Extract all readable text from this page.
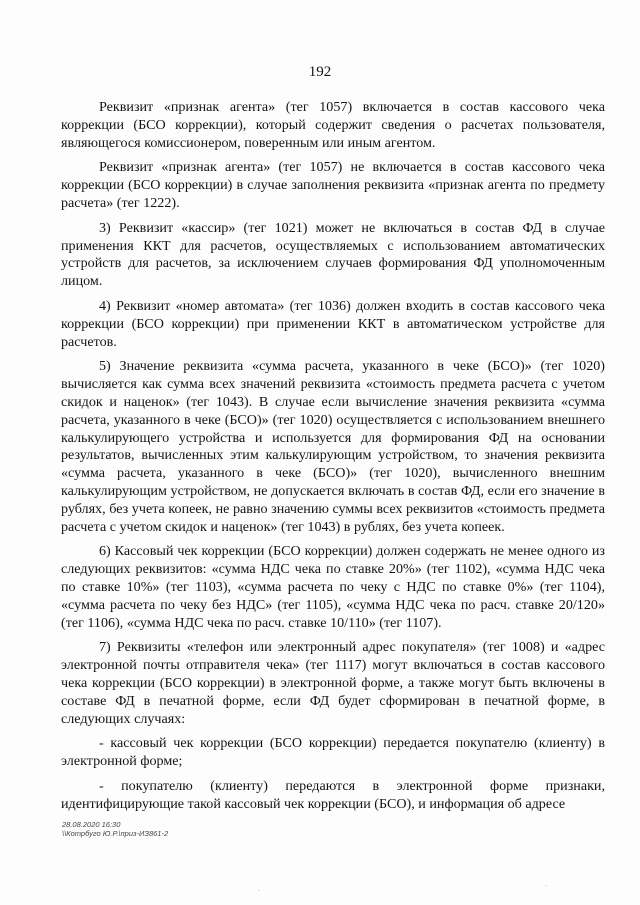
192

Реквизит «признак агента» (тег 1057) включается в состав кассового чека коррекции (БСО коррекции), который содержит сведения о расчетах пользователя, являющегося комиссионером, поверенным или иным агентом.

Реквизит «признак агента» (тег 1057) не включается в состав кассового чека коррекции (БСО коррекции) в случае заполнения реквизита «признак агента по предмету расчета» (тег 1222).

3) Реквизит «кассир» (тег 1021) может не включаться в состав ФД в случае применения ККТ для расчетов, осуществляемых с использованием автоматических устройств для расчетов, за исключением случаев формирования ФД уполномоченным лицом.

4) Реквизит «номер автомата» (тег 1036) должен входить в состав кассового чека коррекции (БСО коррекции) при применении ККТ в автоматическом устройстве для расчетов.

5) Значение реквизита «сумма расчета, указанного в чеке (БСО)» (тег 1020) вычисляется как сумма всех значений реквизита «стоимость предмета расчета с учетом скидок и наценок» (тег 1043). В случае если вычисление значения реквизита «сумма расчета, указанного в чеке (БСО)» (тег 1020) осуществляется с использованием внешнего калькулирующего устройства и используется для формирования ФД на основании результатов, вычисленных этим калькулирующим устройством, то значения реквизита «сумма расчета, указанного в чеке (БСО)» (тег 1020), вычисленного внешним калькулирующим устройством, не допускается включать в состав ФД, если его значение в рублях, без учета копеек, не равно значению суммы всех реквизитов «стоимость предмета расчета с учетом скидок и наценок» (тег 1043) в рублях, без учета копеек.

6) Кассовый чек коррекции (БСО коррекции) должен содержать не менее одного из следующих реквизитов: «сумма НДС чека по ставке 20%» (тег 1102), «сумма НДС чека по ставке 10%» (тег 1103), «сумма расчета по чеку с НДС по ставке 0%» (тег 1104), «сумма расчета по чеку без НДС» (тег 1105), «сумма НДС чека по расч. ставке 20/120» (тег 1106), «сумма НДС чека по расч. ставке 10/110» (тег 1107).

7) Реквизиты «телефон или электронный адрес покупателя» (тег 1008) и «адрес электронной почты отправителя чека» (тег 1117) могут включаться в состав кассового чека коррекции (БСО коррекции) в электронной форме, а также могут быть включены в составе ФД в печатной форме, если ФД будет сформирован в печатной форме, в следующих случаях:

- кассовый чек коррекции (БСО коррекции) передается покупателю (клиенту) в электронной форме;

- покупателю (клиенту) передаются в электронной форме признаки, идентифицирующие такой кассовый чек коррекции (БСО), и информация об адресе

28.08.2020 16:30
\\Котрбуго Ю.Р.\приз-ИЗ861-2
·
·
